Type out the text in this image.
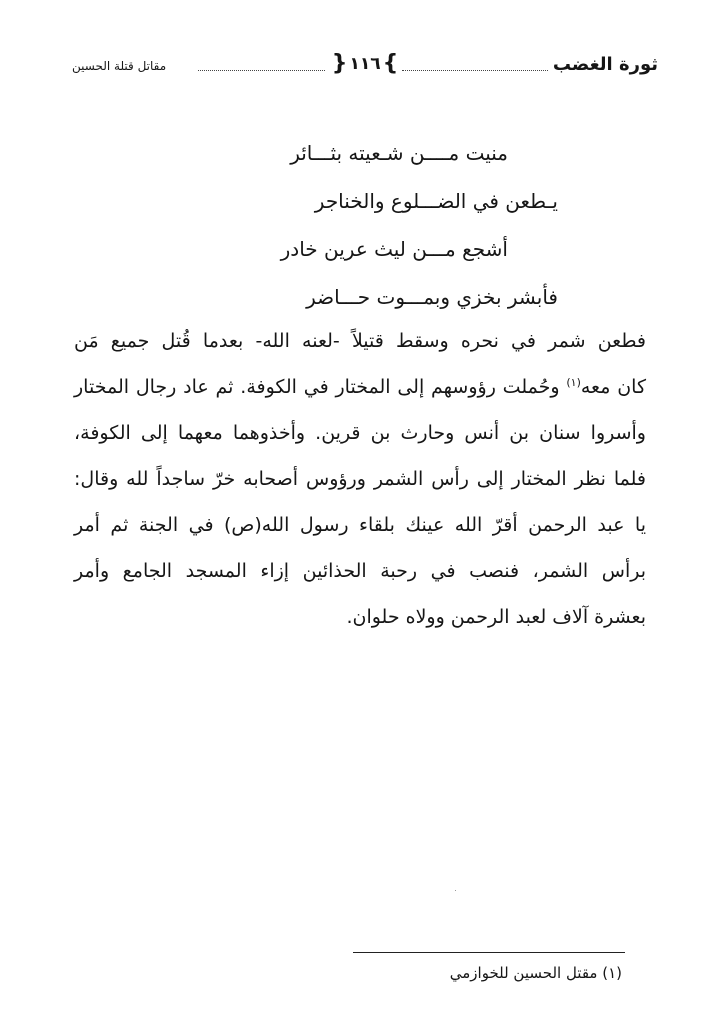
ثورة الغضب
}
١١٦
{
مقاتل قتلة الحسين
منيت مــــن شـعيته بثـــائر
يـطعن في الضـــلوع والخناجر
أشجع مـــن ليث عرين خادر
فأبشر بخزي وبمـــوت حـــاضر
فطعن شمر في نحره وسقط قتيلاً -لعنه الله- بعدما قُتل جميع مَن
كان معه$^{(١)}$ وحُملت رؤوسهم إلى المختار في الكوفة. ثم عاد رجال المختار
وأسروا سنان بن أنس وحارث بن قرين. وأخذوهما معهما إلى الكوفة،
فلما نظر المختار إلى رأس الشمر ورؤوس أصحابه خرّ ساجداً لله وقال:
يا عبد الرحمن أقرّ الله عينك بلقاء رسول الله(ص) في الجنة ثم أمر
برأس الشمر، فنصب في رحبة الحذائين إزاء المسجد الجامع وأمر
بعشرة آلاف لعبد الرحمن وولاه حلوان.
(١) مقتل الحسين للخوازمي
